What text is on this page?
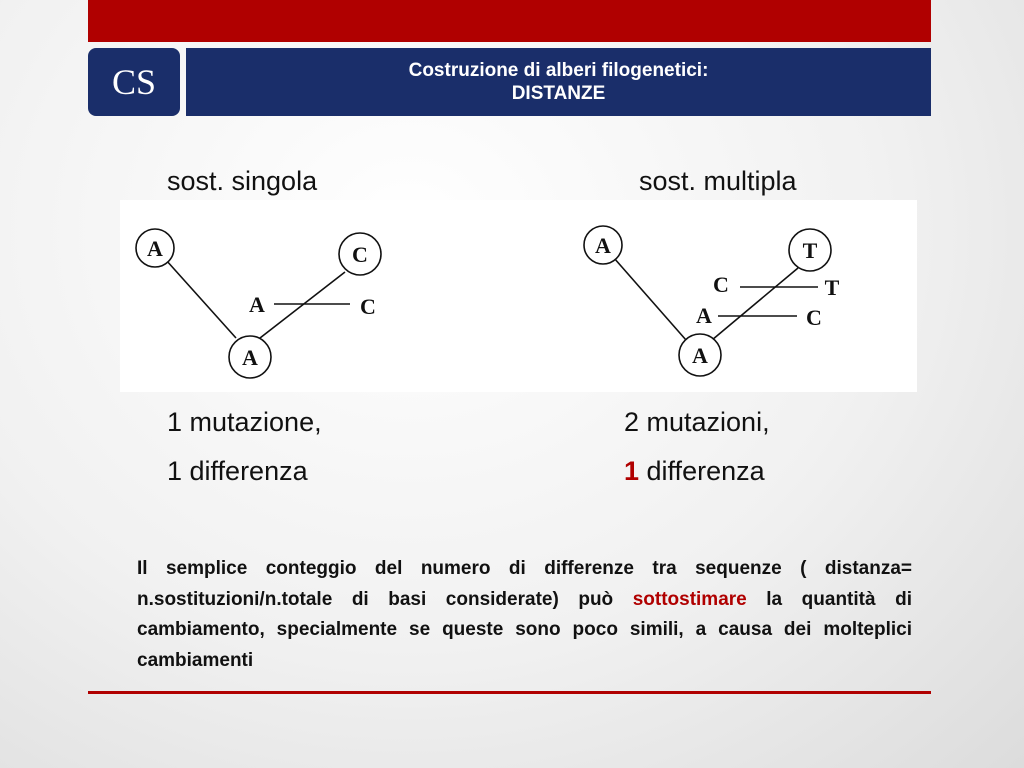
CS	Costruzione di alberi filogenetici:
DISTANZE
sost. singola	sost. multipla
A	C
A
A	C
A	T
A
C	T
A	C
1 mutazione,
1 differenza
2 mutazioni,
1 differenza
Il semplice conteggio del numero di differenze tra sequenze ( distanza= n.sostituzioni/n.totale di basi considerate) può sottostimare la quantità di cambiamento, specialmente se queste sono poco simili, a causa dei molteplici cambiamenti
